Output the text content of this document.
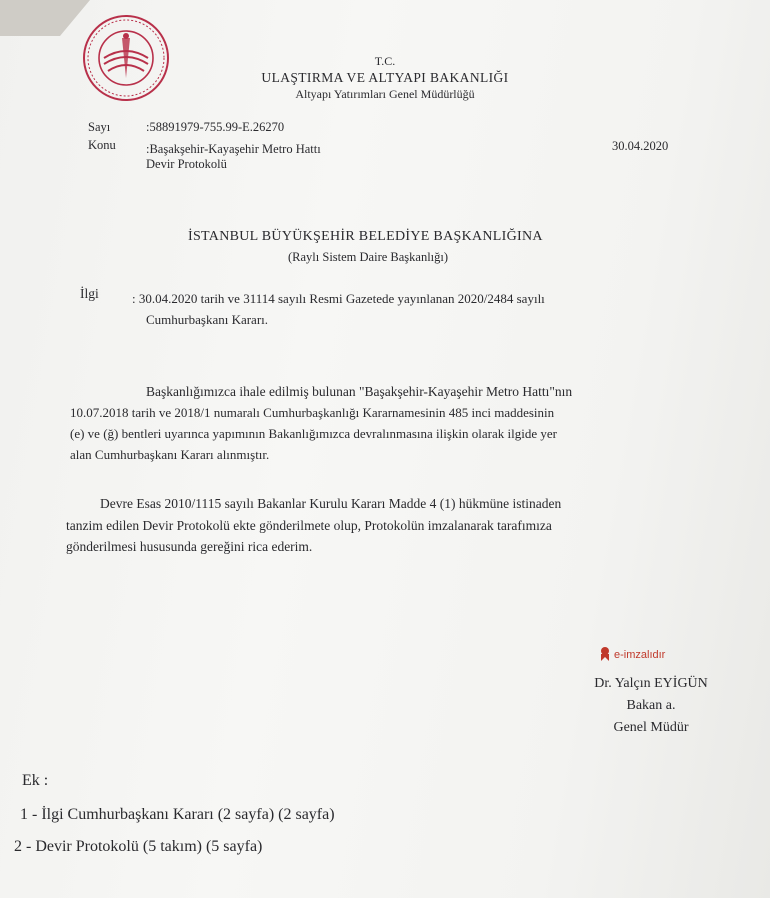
T.C.
ULAŞTIRMA VE ALTYAPI BAKANLIĞI
Altyapı Yatırımları Genel Müdürlüğü
Sayı	:58891979-755.99-E.26270
Konu :Başakşehir-Kayaşehir Metro Hattı
Devir Protokolü
30.04.2020
İSTANBUL BÜYÜKŞEHİR BELEDİYE BAŞKANLIĞINA
(Raylı Sistem Daire Başkanlığı)
İlgi	: 30.04.2020 tarih ve 31114 sayılı Resmi Gazetede yayınlanan 2020/2484 sayılı
Cumhurbaşkanı Kararı.
Başkanlığımızca ihale edilmiş bulunan "Başakşehir-Kayaşehir Metro Hattı"nın
10.07.2018 tarih ve 2018/1 numaralı Cumhurbaşkanlığı Kararnamesinin 485 inci maddesinin
(e) ve (ğ) bentleri uyarınca yapımının Bakanlığımızca devralınmasına ilişkin olarak ilgide yer
alan Cumhurbaşkanı Kararı alınmıştır.
Devre Esas 2010/1115 sayılı Bakanlar Kurulu Kararı Madde 4 (1) hükmüne istinaden
tanzim edilen Devir Protokolü ekte gönderilmete olup, Protokolün imzalanarak tarafımıza
gönderilmesi hususunda gereğini rica ederim.
e-imzalıdır
Dr. Yalçın EYİGÜN
Bakan a.
Genel Müdür
Ek :
1 - İlgi Cumhurbaşkanı Kararı (2 sayfa) (2 sayfa)
2 - Devir Protokolü (5 takım) (5 sayfa)
